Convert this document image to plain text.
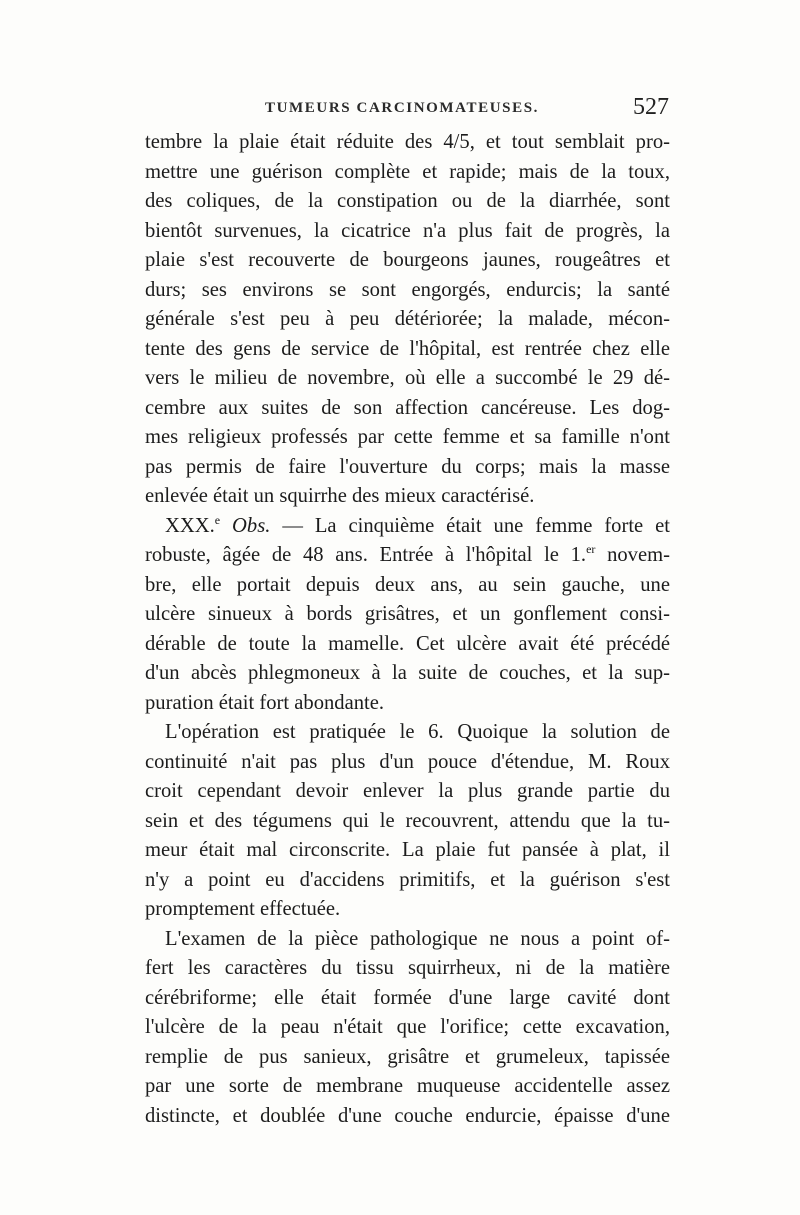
TUMEURS CARCINOMATEUSES.	527
tembre la plaie était réduite des 4/5, et tout semblait pro-
mettre une guérison complète et rapide; mais de la toux,
des coliques, de la constipation ou de la diarrhée, sont
bientôt survenues, la cicatrice n'a plus fait de progrès, la
plaie s'est recouverte de bourgeons jaunes, rougeâtres et
durs; ses environs se sont engorgés, endurcis; la santé
générale s'est peu à peu détériorée; la malade, mécon-
tente des gens de service de l'hôpital, est rentrée chez elle
vers le milieu de novembre, où elle a succombé le 29 dé-
cembre aux suites de son affection cancéreuse. Les dog-
mes religieux professés par cette femme et sa famille n'ont
pas permis de faire l'ouverture du corps; mais la masse
enlevée était un squirrhe des mieux caractérisé.
XXX.$^e$ Obs. — La cinquième était une femme forte et
robuste, âgée de 48 ans. Entrée à l'hôpital le 1.$^{er}$ novem-
bre, elle portait depuis deux ans, au sein gauche, une
ulcère sinueux à bords grisâtres, et un gonflement consi-
dérable de toute la mamelle. Cet ulcère avait été précédé
d'un abcès phlegmoneux à la suite de couches, et la sup-
puration était fort abondante.
L'opération est pratiquée le 6. Quoique la solution de
continuité n'ait pas plus d'un pouce d'étendue, M. Roux
croit cependant devoir enlever la plus grande partie du
sein et des tégumens qui le recouvrent, attendu que la tu-
meur était mal circonscrite. La plaie fut pansée à plat, il
n'y a point eu d'accidens primitifs, et la guérison s'est
promptement effectuée.
L'examen de la pièce pathologique ne nous a point of-
fert les caractères du tissu squirrheux, ni de la matière
cérébriforme; elle était formée d'une large cavité dont
l'ulcère de la peau n'était que l'orifice; cette excavation,
remplie de pus sanieux, grisâtre et grumeleux, tapissée
par une sorte de membrane muqueuse accidentelle assez
distincte, et doublée d'une couche endurcie, épaisse d'une
